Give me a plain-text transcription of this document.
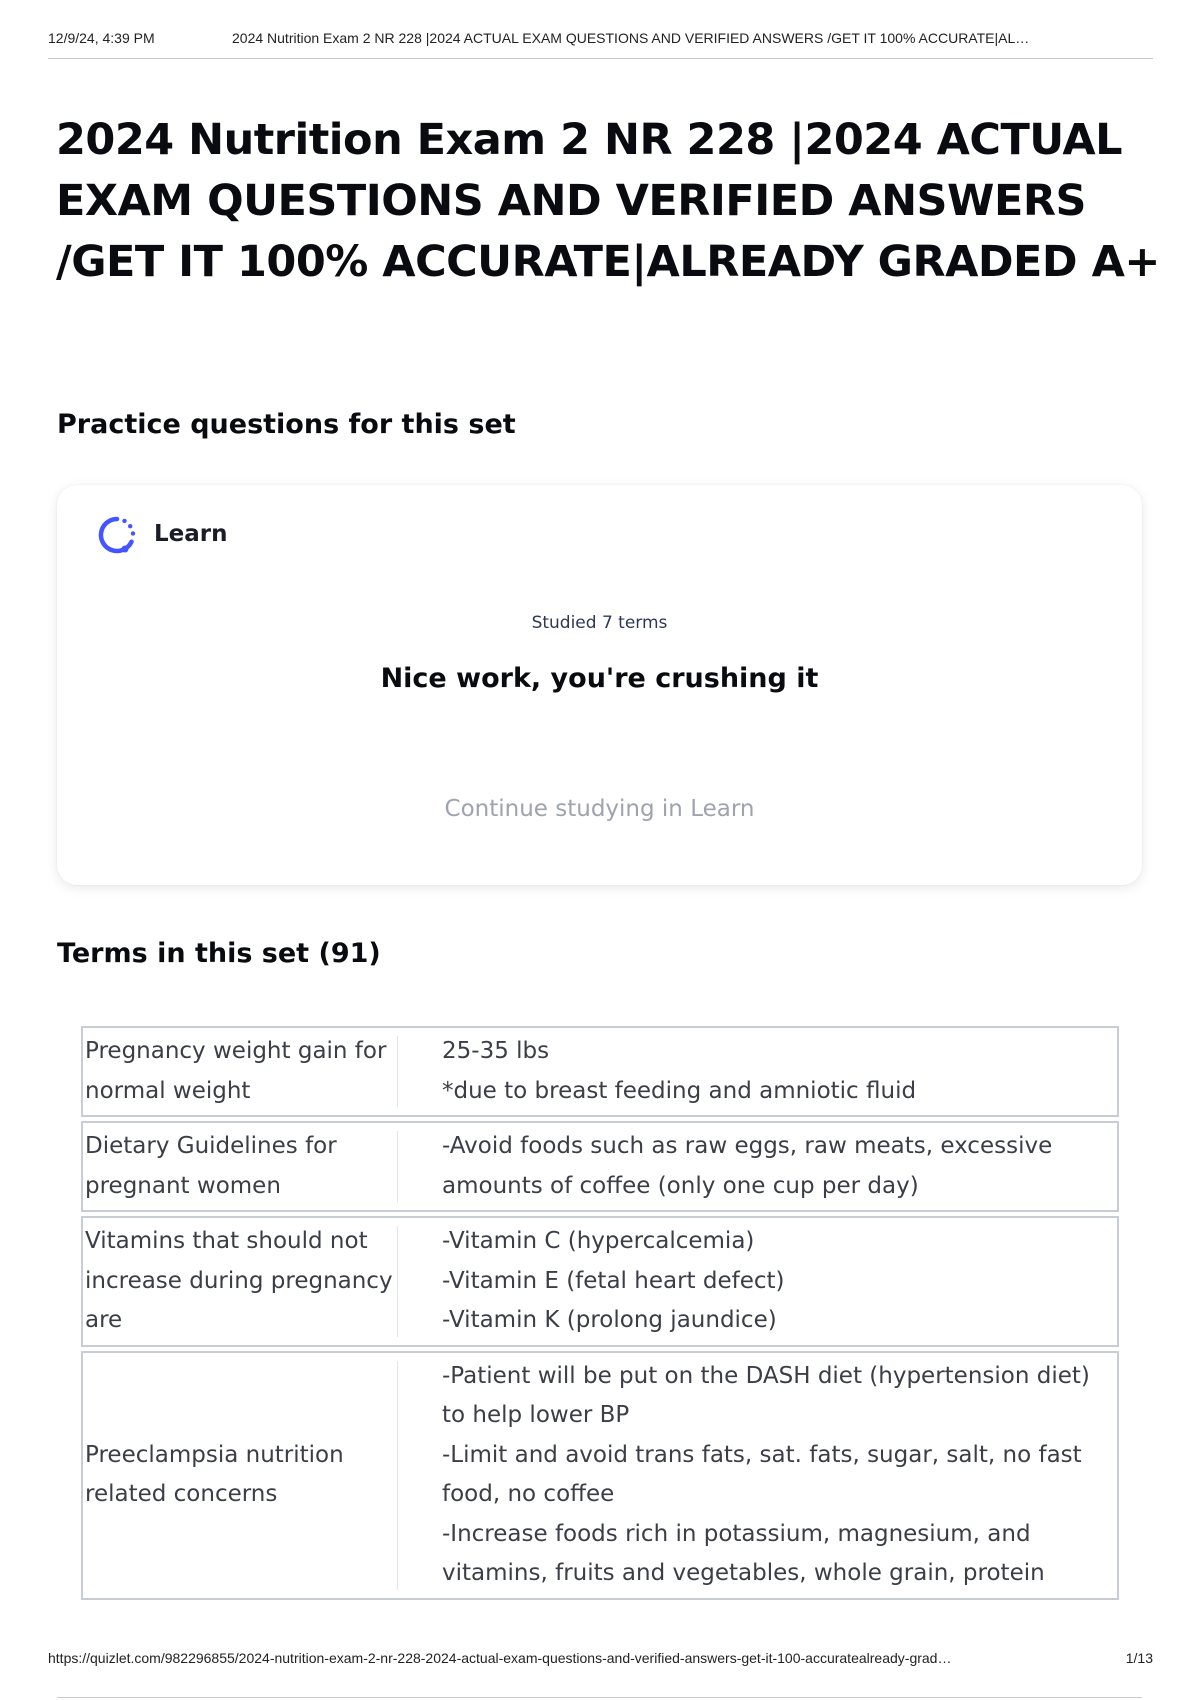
12/9/24, 4:39 PM	2024 Nutrition Exam 2 NR 228 |2024 ACTUAL EXAM QUESTIONS AND VERIFIED ANSWERS /GET IT 100% ACCURATE|AL…
2024 Nutrition Exam 2 NR 228 |2024 ACTUAL EXAM QUESTIONS AND VERIFIED ANSWERS /GET IT 100% ACCURATE|ALREADY GRADED A+
Practice questions for this set
Learn
Studied 7 terms
Nice work, you're crushing it
Continue studying in Learn
Terms in this set (91)
Pregnancy weight gain for normal weight	25-35 lbs
*due to breast feeding and amniotic fluid

Dietary Guidelines for pregnant women	-Avoid foods such as raw eggs, raw meats, excessive amounts of coffee (only one cup per day)

Vitamins that should not increase during pregnancy are	-Vitamin C (hypercalcemia)
-Vitamin E (fetal heart defect)
-Vitamin K (prolong jaundice)

Preeclampsia nutrition related concerns	-Patient will be put on the DASH diet (hypertension diet) to help lower BP
-Limit and avoid trans fats, sat. fats, sugar, salt, no fast food, no coffee
-Increase foods rich in potassium, magnesium, and vitamins, fruits and vegetables, whole grain, protein
https://quizlet.com/982296855/2024-nutrition-exam-2-nr-228-2024-actual-exam-questions-and-verified-answers-get-it-100-accuratealready-grad…	1/13
